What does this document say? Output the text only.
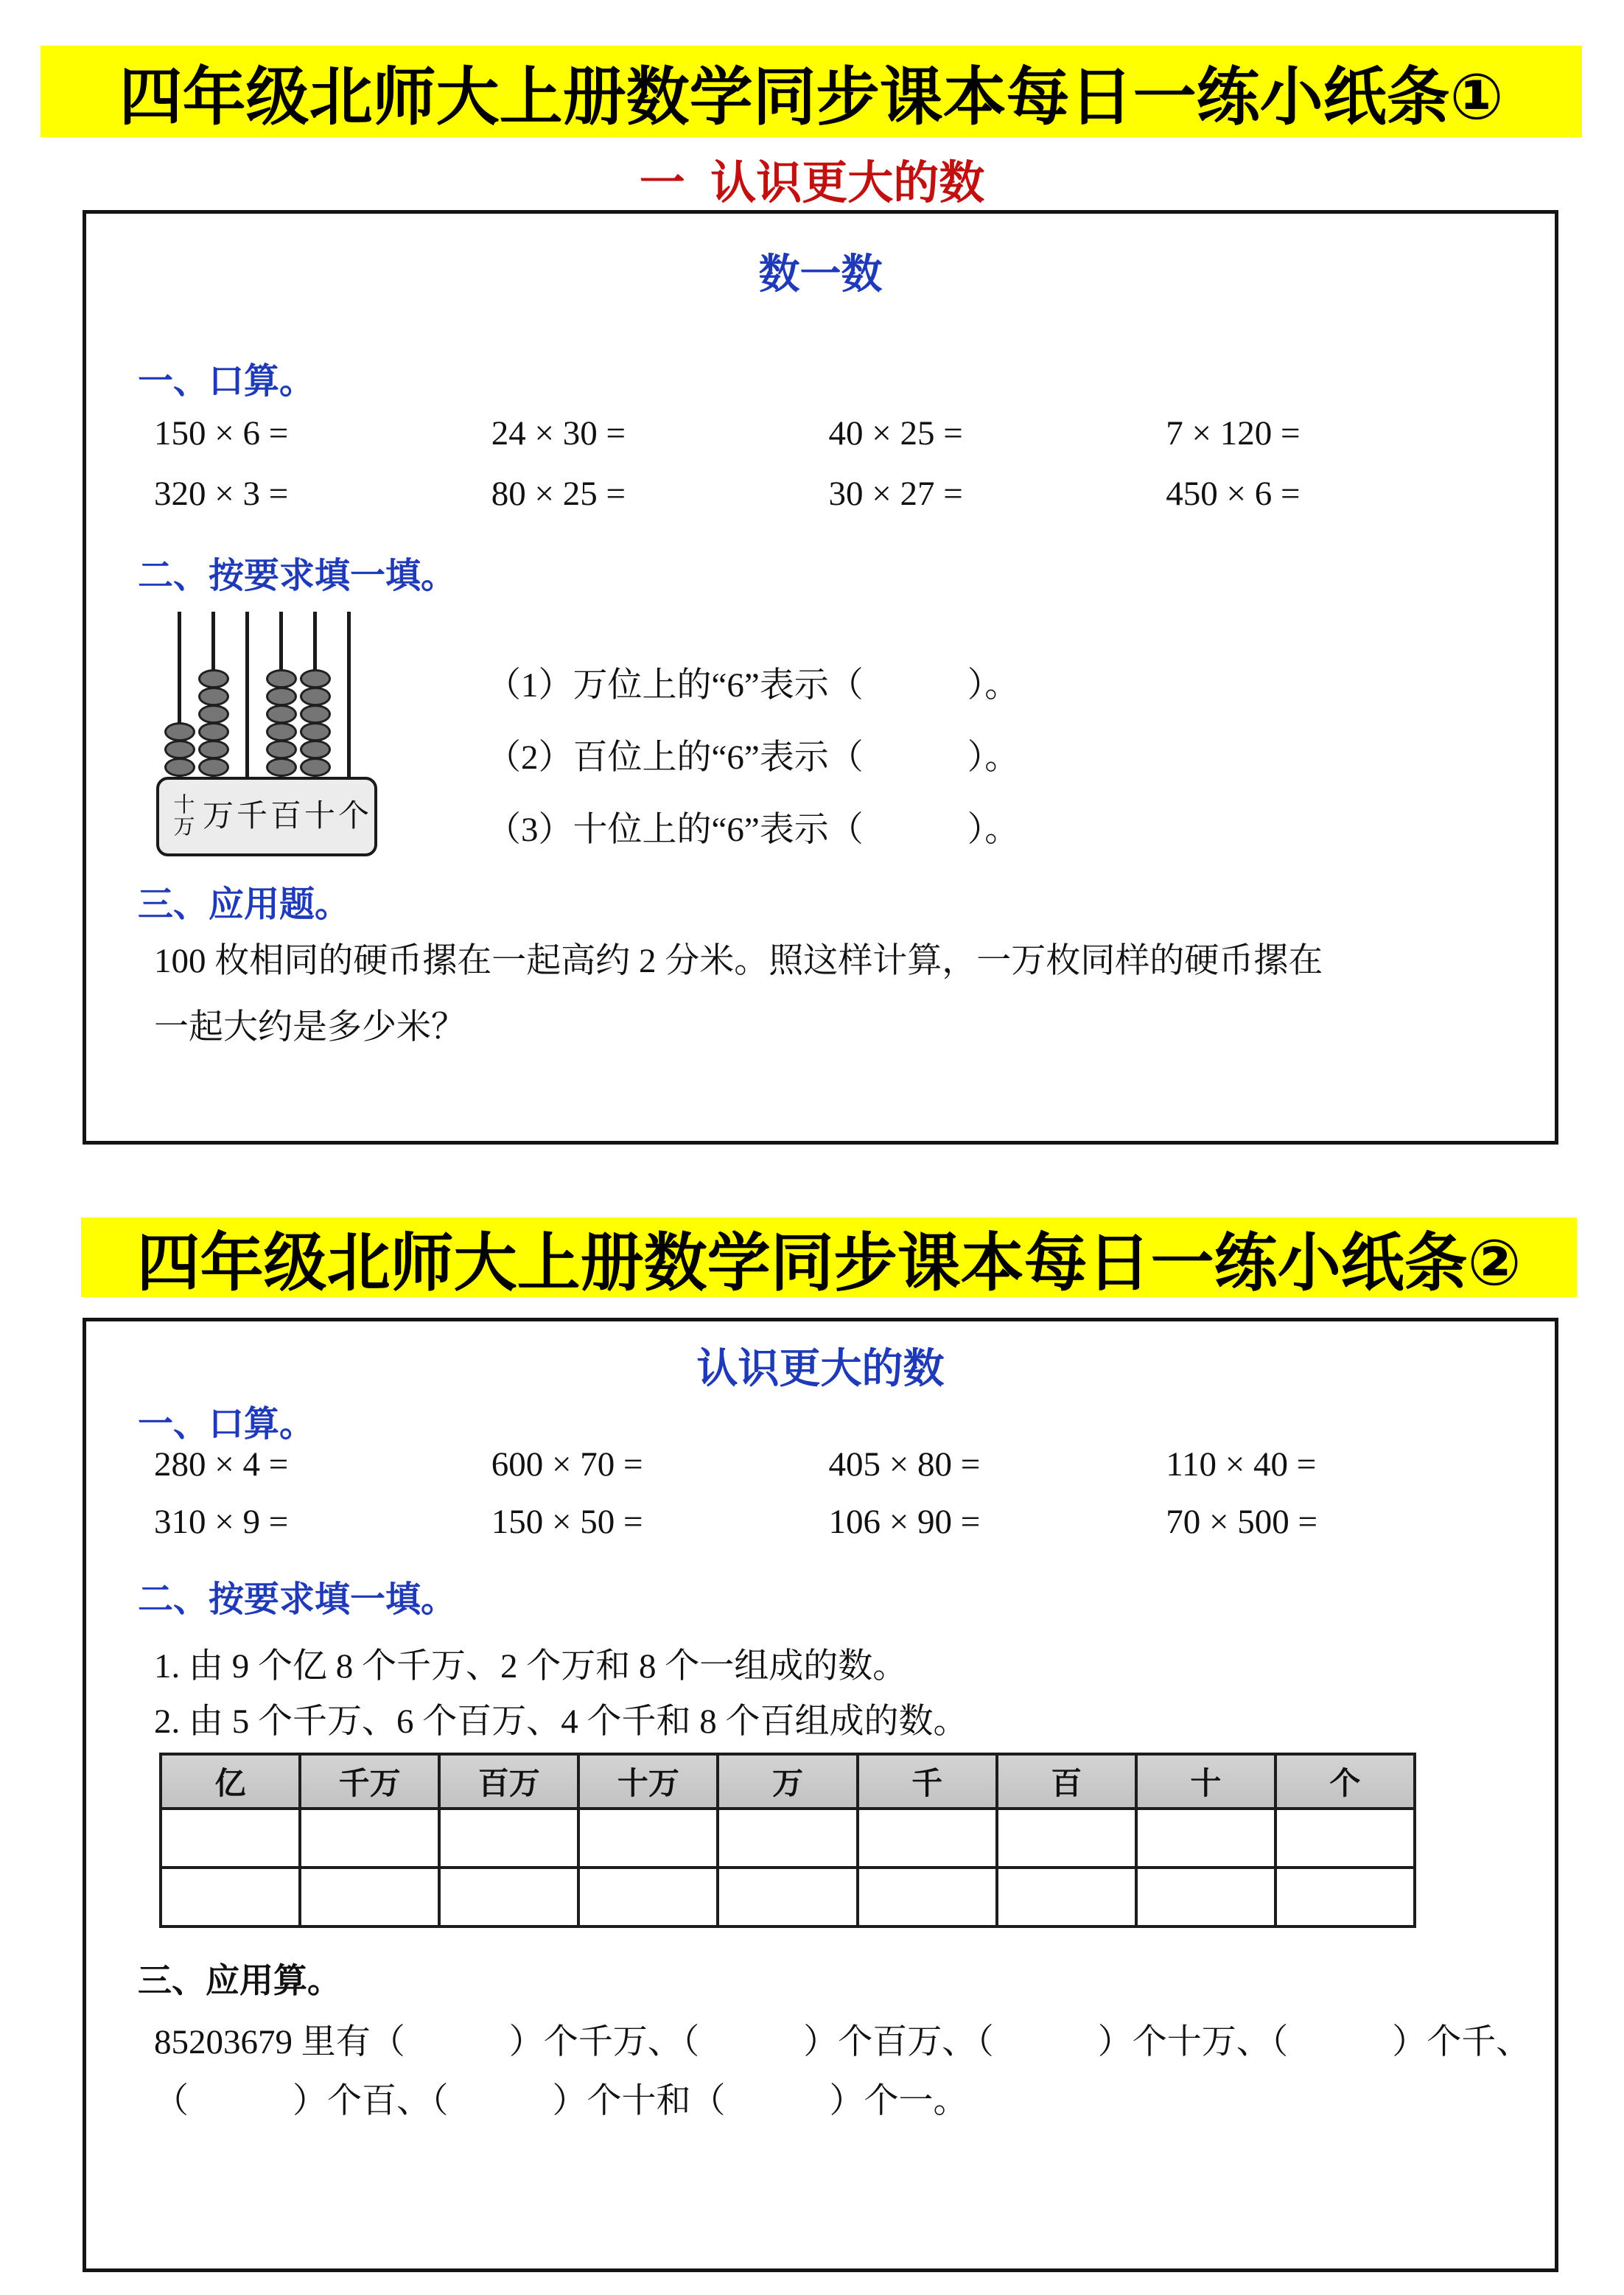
四年级北师大上册数学同步课本每日一练小纸条①
一  认识更大的数
数一数
一、口算。
150 × 6 =	24 × 30 =	40 × 25 =	7 × 120 =
320 × 3 =	80 × 25 =	30 × 27 =	450 × 6 =
二、按要求填一填。
十万 万 千 百 十 个
（1）万位上的“6”表示（　　　）。
（2）百位上的“6”表示（　　　）。
（3）十位上的“6”表示（　　　）。
三、应用题。
100 枚相同的硬币摞在一起高约 2 分米。照这样计算，一万枚同样的硬币摞在
一起大约是多少米？
四年级北师大上册数学同步课本每日一练小纸条②
认识更大的数
一、口算。
280 × 4 =	600 × 70 =	405 × 80 =	110 × 40 =
310 × 9 =	150 × 50 =	106 × 90 =	70 × 500 =
二、按要求填一填。
1. 由 9 个亿 8 个千万、2 个万和 8 个一组成的数。
2. 由 5 个千万、6 个百万、4 个千和 8 个百组成的数。
亿	千万	百万	十万	万	千	百	十	个

三、应用算。
85203679 里有（　　　）个千万、（　　　）个百万、（　　　）个十万、（　　　）个千、
（　　　）个百、（　　　）个十和（　　　）个一。
